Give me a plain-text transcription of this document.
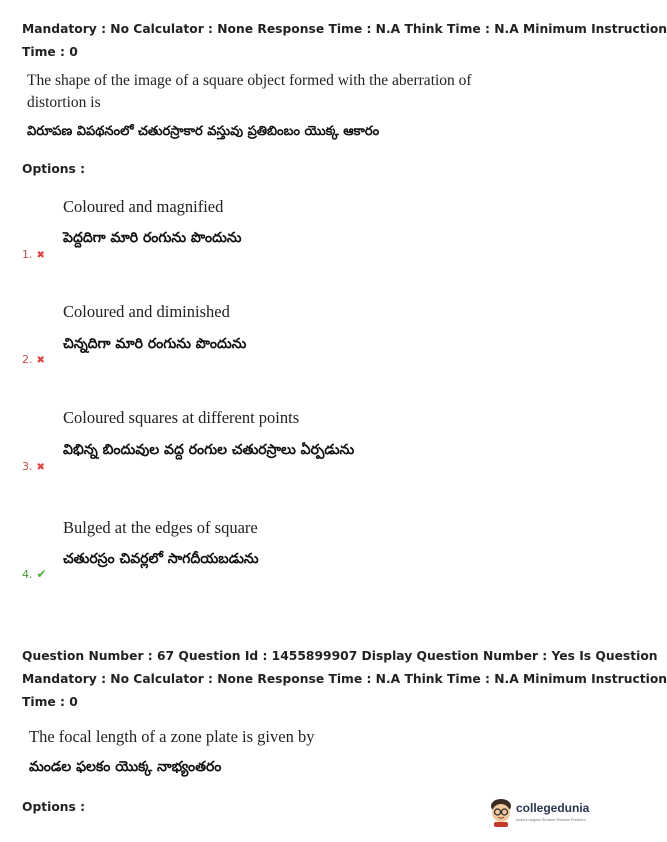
Mandatory : No Calculator : None Response Time : N.A Think Time : N.A Minimum Instruction
Time : 0
The shape of the image of a square object formed with the aberration of
distortion is
విరూపణ విపథనంలో చతురస్రాకార వస్తువు ప్రతిబింబం యొక్క ఆకారం
Options :
Coloured and magnified
పెద్దదిగా మారి రంగును పొందును
1. ✖
Coloured and diminished
చిన్నదిగా మారి రంగును పొందును
2. ✖
Coloured squares at different points
విభిన్న బిందువుల వద్ద రంగుల చతురస్రాలు ఏర్పడును
3. ✖
Bulged at the edges of square
చతురస్రం చివర్లలో సాగదీయబడును
4. ✔
Question Number : 67 Question Id : 1455899907 Display Question Number : Yes Is Question
Mandatory : No Calculator : None Response Time : N.A Think Time : N.A Minimum Instruction
Time : 0
The focal length of a zone plate is given by
మండల ఫలకం యొక్క నాభ్యంతరం
Options :	collegedunia
India's largest Student Review Platform
